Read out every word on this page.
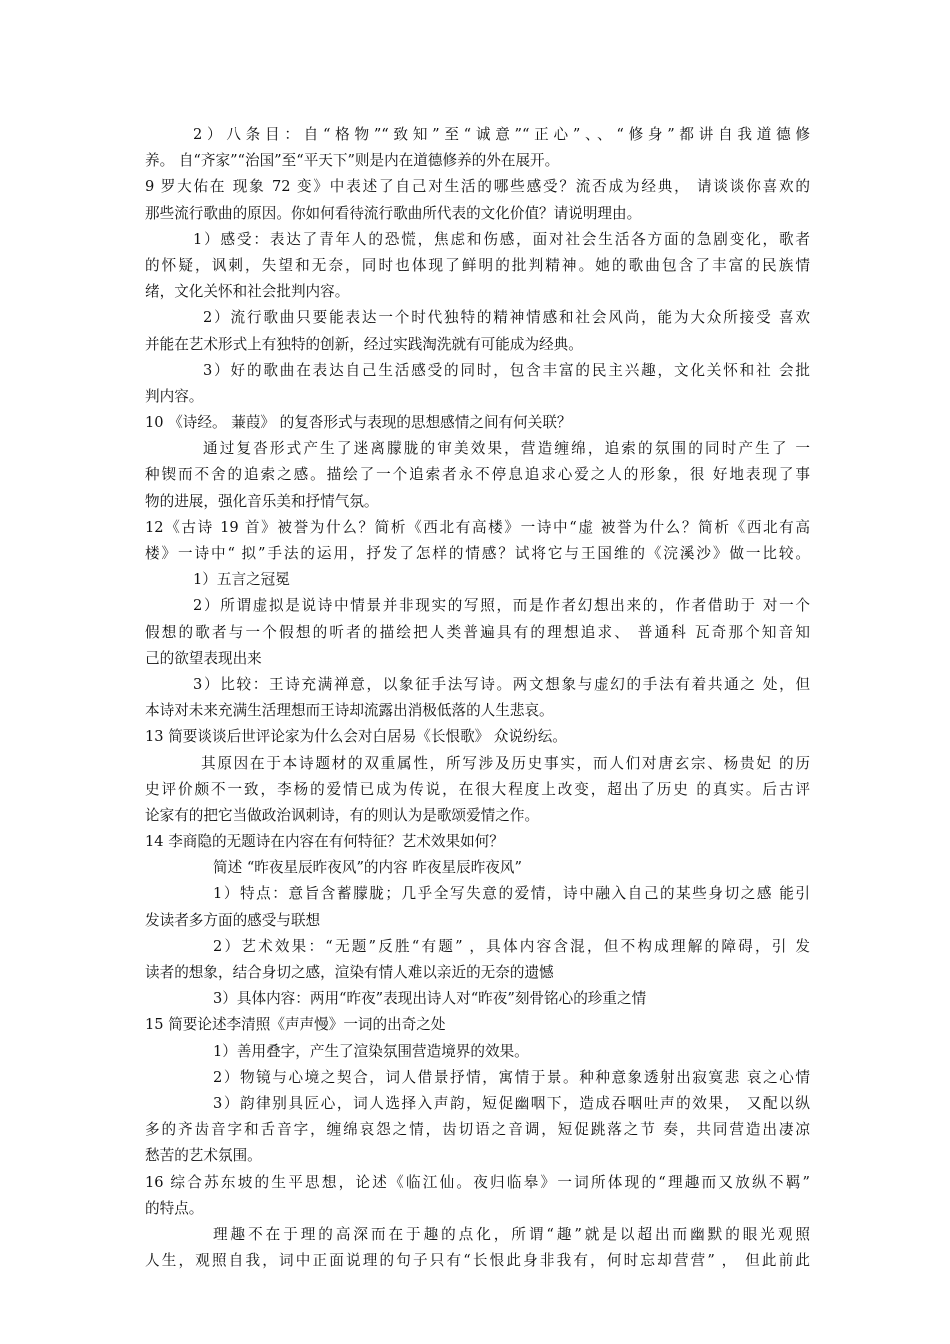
2）八条目：自“格物”“致知”至“诚意”“正心”、、“修身”都讲自我道德修
养。 自“齐家”“治国”至“平天下”则是内在道德修养的外在展开。
9 罗大佑在 现象 72 变》中表述了自己对生活的哪些感受？流否成为经典， 请谈谈你喜欢的
那些流行歌曲的原因。你如何看待流行歌曲所代表的文化价值？请说明理由。
1）感受：表达了青年人的恐慌，焦虑和伤感，面对社会生活各方面的急剧变化，歌者
的怀疑，讽刺，失望和无奈，同时也体现了鲜明的批判精神。她的歌曲包含了丰富的民族情
绪，文化关怀和社会批判内容。
2）流行歌曲只要能表达一个时代独特的精神情感和社会风尚，能为大众所接受 喜欢
并能在艺术形式上有独特的创新，经过实践淘洗就有可能成为经典。
3）好的歌曲在表达自己生活感受的同时，包含丰富的民主兴趣，文化关怀和社 会批
判内容。
10 《诗经。 蒹葭》 的复沓形式与表现的思想感情之间有何关联？
通过复沓形式产生了迷离朦胧的审美效果，营造缠绵，追索的氛围的同时产生了 一
种锲而不舍的追索之感。描绘了一个追索者永不停息追求心爱之人的形象，很 好地表现了事
物的进展，强化音乐美和抒情气氛。
12《古诗 19 首》被誉为什么？简析《西北有高楼》一诗中“虚 被誉为什么？简析《西北有高
楼》一诗中“ 拟”手法的运用，抒发了怎样的情感？试将它与王国维的《浣溪沙》做一比较。
1）五言之冠冕
2）所谓虚拟是说诗中情景并非现实的写照，而是作者幻想出来的，作者借助于 对一个
假想的歌者与一个假想的听者的描绘把人类普遍具有的理想追求、 普通科 瓦奇那个知音知
己的欲望表现出来
3）比较：王诗充满禅意，以象征手法写诗。两文想象与虚幻的手法有着共通之 处，但
本诗对未来充满生活理想而王诗却流露出消极低落的人生悲哀。
13 简要谈谈后世评论家为什么会对白居易《长恨歌》 众说纷纭。
其原因在于本诗题材的双重属性，所写涉及历史事实，而人们对唐玄宗、杨贵妃 的历
史评价颇不一致，李杨的爱情已成为传说，在很大程度上改变，超出了历史 的真实。后古评
论家有的把它当做政治讽刺诗，有的则认为是歌颂爱情之作。
14 李商隐的无题诗在内容在有何特征？艺术效果如何？
简述 “昨夜星辰昨夜风”的内容 昨夜星辰昨夜风”
1）特点：意旨含蓄朦胧；几乎全写失意的爱情，诗中融入自己的某些身切之感 能引
发读者多方面的感受与联想
2）艺术效果：“无题”反胜“有题” ，具体内容含混，但不构成理解的障碍，引 发
读者的想象，结合身切之感，渲染有情人难以亲近的无奈的遗憾
3）具体内容：两用“昨夜”表现出诗人对“昨夜”刻骨铭心的珍重之情
15 简要论述李清照《声声慢》一词的出奇之处
1）善用叠字，产生了渲染氛围营造境界的效果。
2）物镜与心境之契合，词人借景抒情，寓情于景。种种意象透射出寂寞悲 哀之心情
3）韵律别具匠心，词人选择入声韵，短促幽咽下，造成吞咽吐声的效果， 又配以纵
多的齐齿音字和舌音字，缠绵哀怨之情，齿切语之音调，短促跳落之节 奏，共同营造出凄凉
愁苦的艺术氛围。
16 综合苏东坡的生平思想，论述《临江仙。夜归临皋》一词所体现的“理趣而又放纵不羁”
的特点。
理趣不在于理的高深而在于趣的点化，所谓“趣”就是以超出而幽默的眼光观照
人生，观照自我，词中正面说理的句子只有“长恨此身非我有，何时忘却营营” ， 但此前此
